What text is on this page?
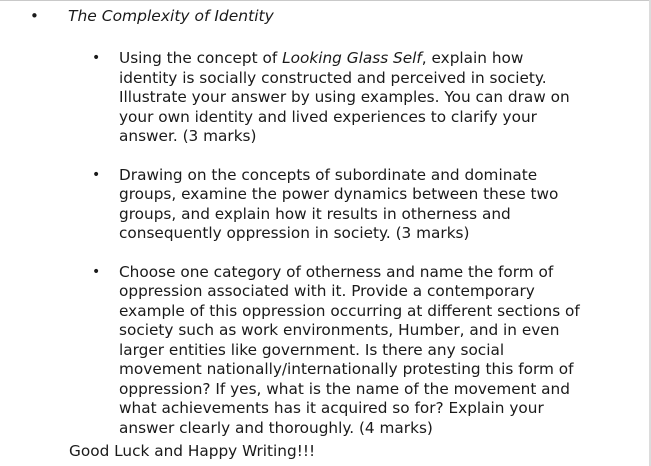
• The Complexity of Identity
• Using the concept of Looking Glass Self, explain how
identity is socially constructed and perceived in society.
Illustrate your answer by using examples. You can draw on
your own identity and lived experiences to clarify your
answer. (3 marks)
• Drawing on the concepts of subordinate and dominate
groups, examine the power dynamics between these two
groups, and explain how it results in otherness and
consequently oppression in society. (3 marks)
• Choose one category of otherness and name the form of
oppression associated with it. Provide a contemporary
example of this oppression occurring at different sections of
society such as work environments, Humber, and in even
larger entities like government. Is there any social
movement nationally/internationally protesting this form of
oppression? If yes, what is the name of the movement and
what achievements has it acquired so for? Explain your
answer clearly and thoroughly. (4 marks)
Good Luck and Happy Writing!!!
